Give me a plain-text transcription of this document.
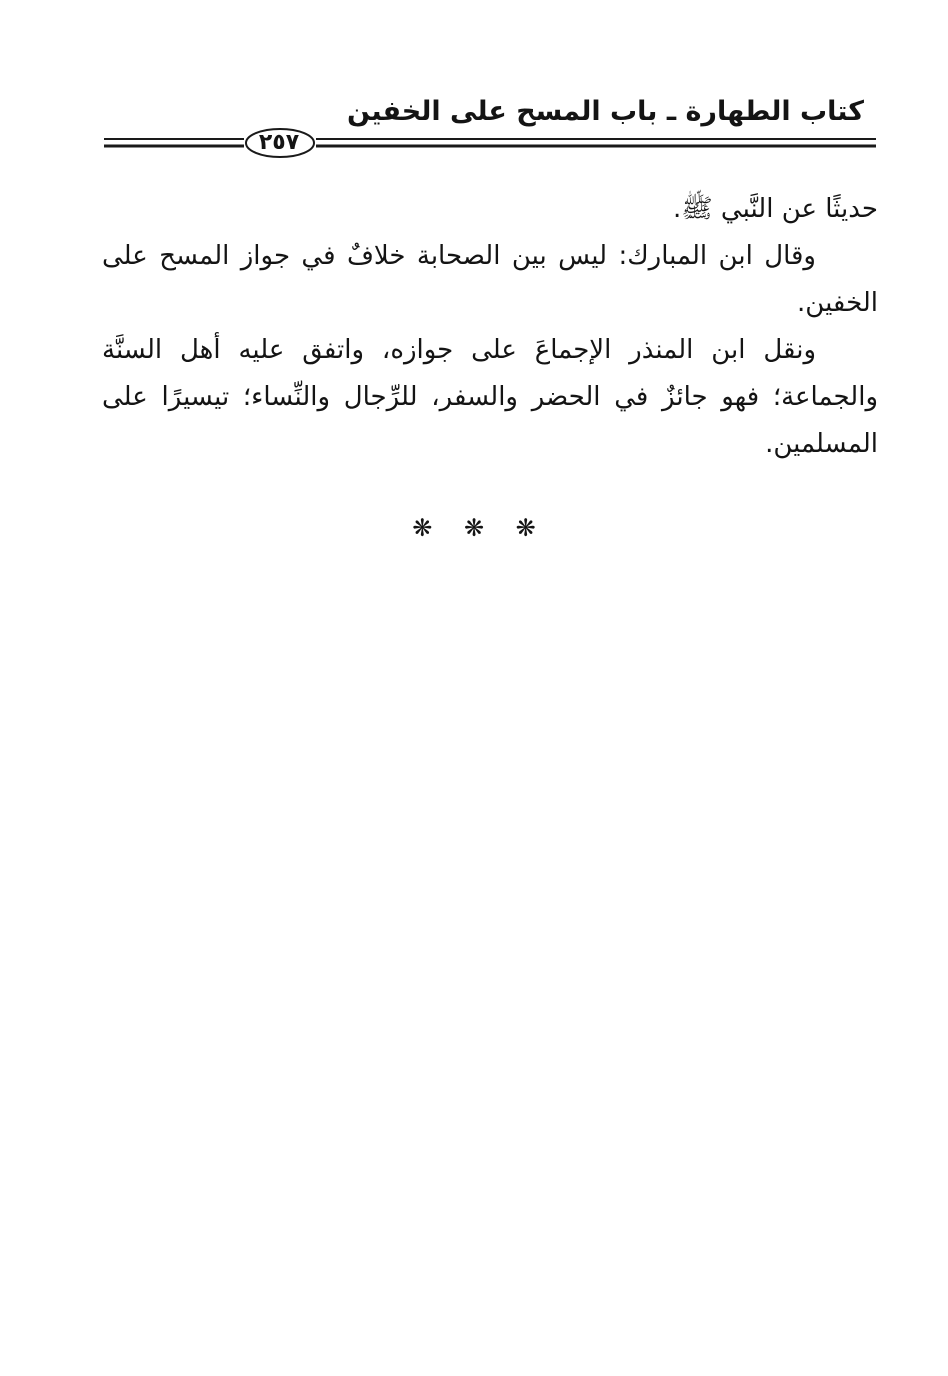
كتاب الطهارة ـ باب المسح على الخفين
٢٥٧

حديثًا عن النَّبي ﷺ.

وقال ابن المبارك: ليس بين الصحابة خلافٌ في جواز المسح على الخفين.

ونقل ابن المنذر الإجماعَ على جوازه، واتفق عليه أهل السنَّة والجماعة؛ فهو جائزٌ في الحضر والسفر، للرِّجال والنِّساء؛ تيسيرًا على المسلمين.

❋ ❋ ❋
